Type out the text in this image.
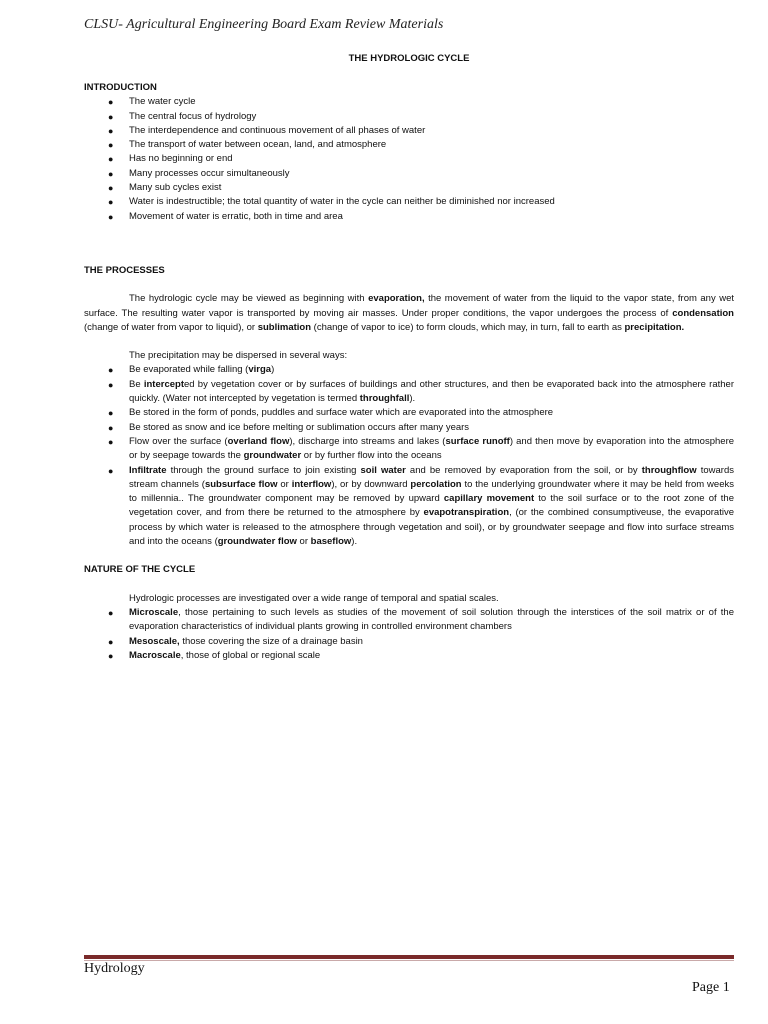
CLSU- Agricultural Engineering Board Exam Review Materials
THE HYDROLOGIC CYCLE

INTRODUCTION

● The water cycle
● The central focus of hydrology
● The interdependence and continuous movement of all phases of water
● The transport of water between ocean, land, and atmosphere
● Has no beginning or end
● Many processes occur simultaneously
● Many sub cycles exist
● Water is indestructible; the total quantity of water in the cycle can neither be diminished nor increased
● Movement of water is erratic, both in time and area

THE PROCESSES

The hydrologic cycle may be viewed as beginning with evaporation, the movement of water from the liquid to the vapor state, from any wet surface. The resulting water vapor is transported by moving air masses. Under proper conditions, the vapor undergoes the process of condensation (change of water from vapor to liquid), or sublimation (change of vapor to ice) to form clouds, which may, in turn, fall to earth as precipitation.

The precipitation may be dispersed in several ways:

● Be evaporated while falling (virga)
● Be intercepted by vegetation cover or by surfaces of buildings and other structures, and then be evaporated back into the atmosphere rather quickly. (Water not intercepted by vegetation is termed throughfall).
● Be stored in the form of ponds, puddles and surface water which are evaporated into the atmosphere
● Be stored as snow and ice before melting or sublimation occurs after many years
● Flow over the surface (overland flow), discharge into streams and lakes (surface runoff) and then move by evaporation into the atmosphere or by seepage towards the groundwater or by further flow into the oceans
● Infiltrate through the ground surface to join existing soil water and be removed by evaporation from the soil, or by throughflow towards stream channels (subsurface flow or interflow), or by downward percolation to the underlying groundwater where it may be held from weeks to millennia.. The groundwater component may be removed by upward capillary movement to the soil surface or to the root zone of the vegetation cover, and from there be returned to the atmosphere by evapotranspiration, (or the combined consumptiveuse, the evaporative process by which water is released to the atmosphere through vegetation and soil), or by groundwater seepage and flow into surface streams and into the oceans (groundwater flow or baseflow).

NATURE OF THE CYCLE

Hydrologic processes are investigated over a wide range of temporal and spatial scales.

● Microscale, those pertaining to such levels as studies of the movement of soil solution through the interstices of the soil matrix or of the evaporation characteristics of individual plants growing in controlled environment chambers
● Mesoscale, those covering the size of a drainage basin
● Macroscale, those of global or regional scale
Hydrology
Page 1
